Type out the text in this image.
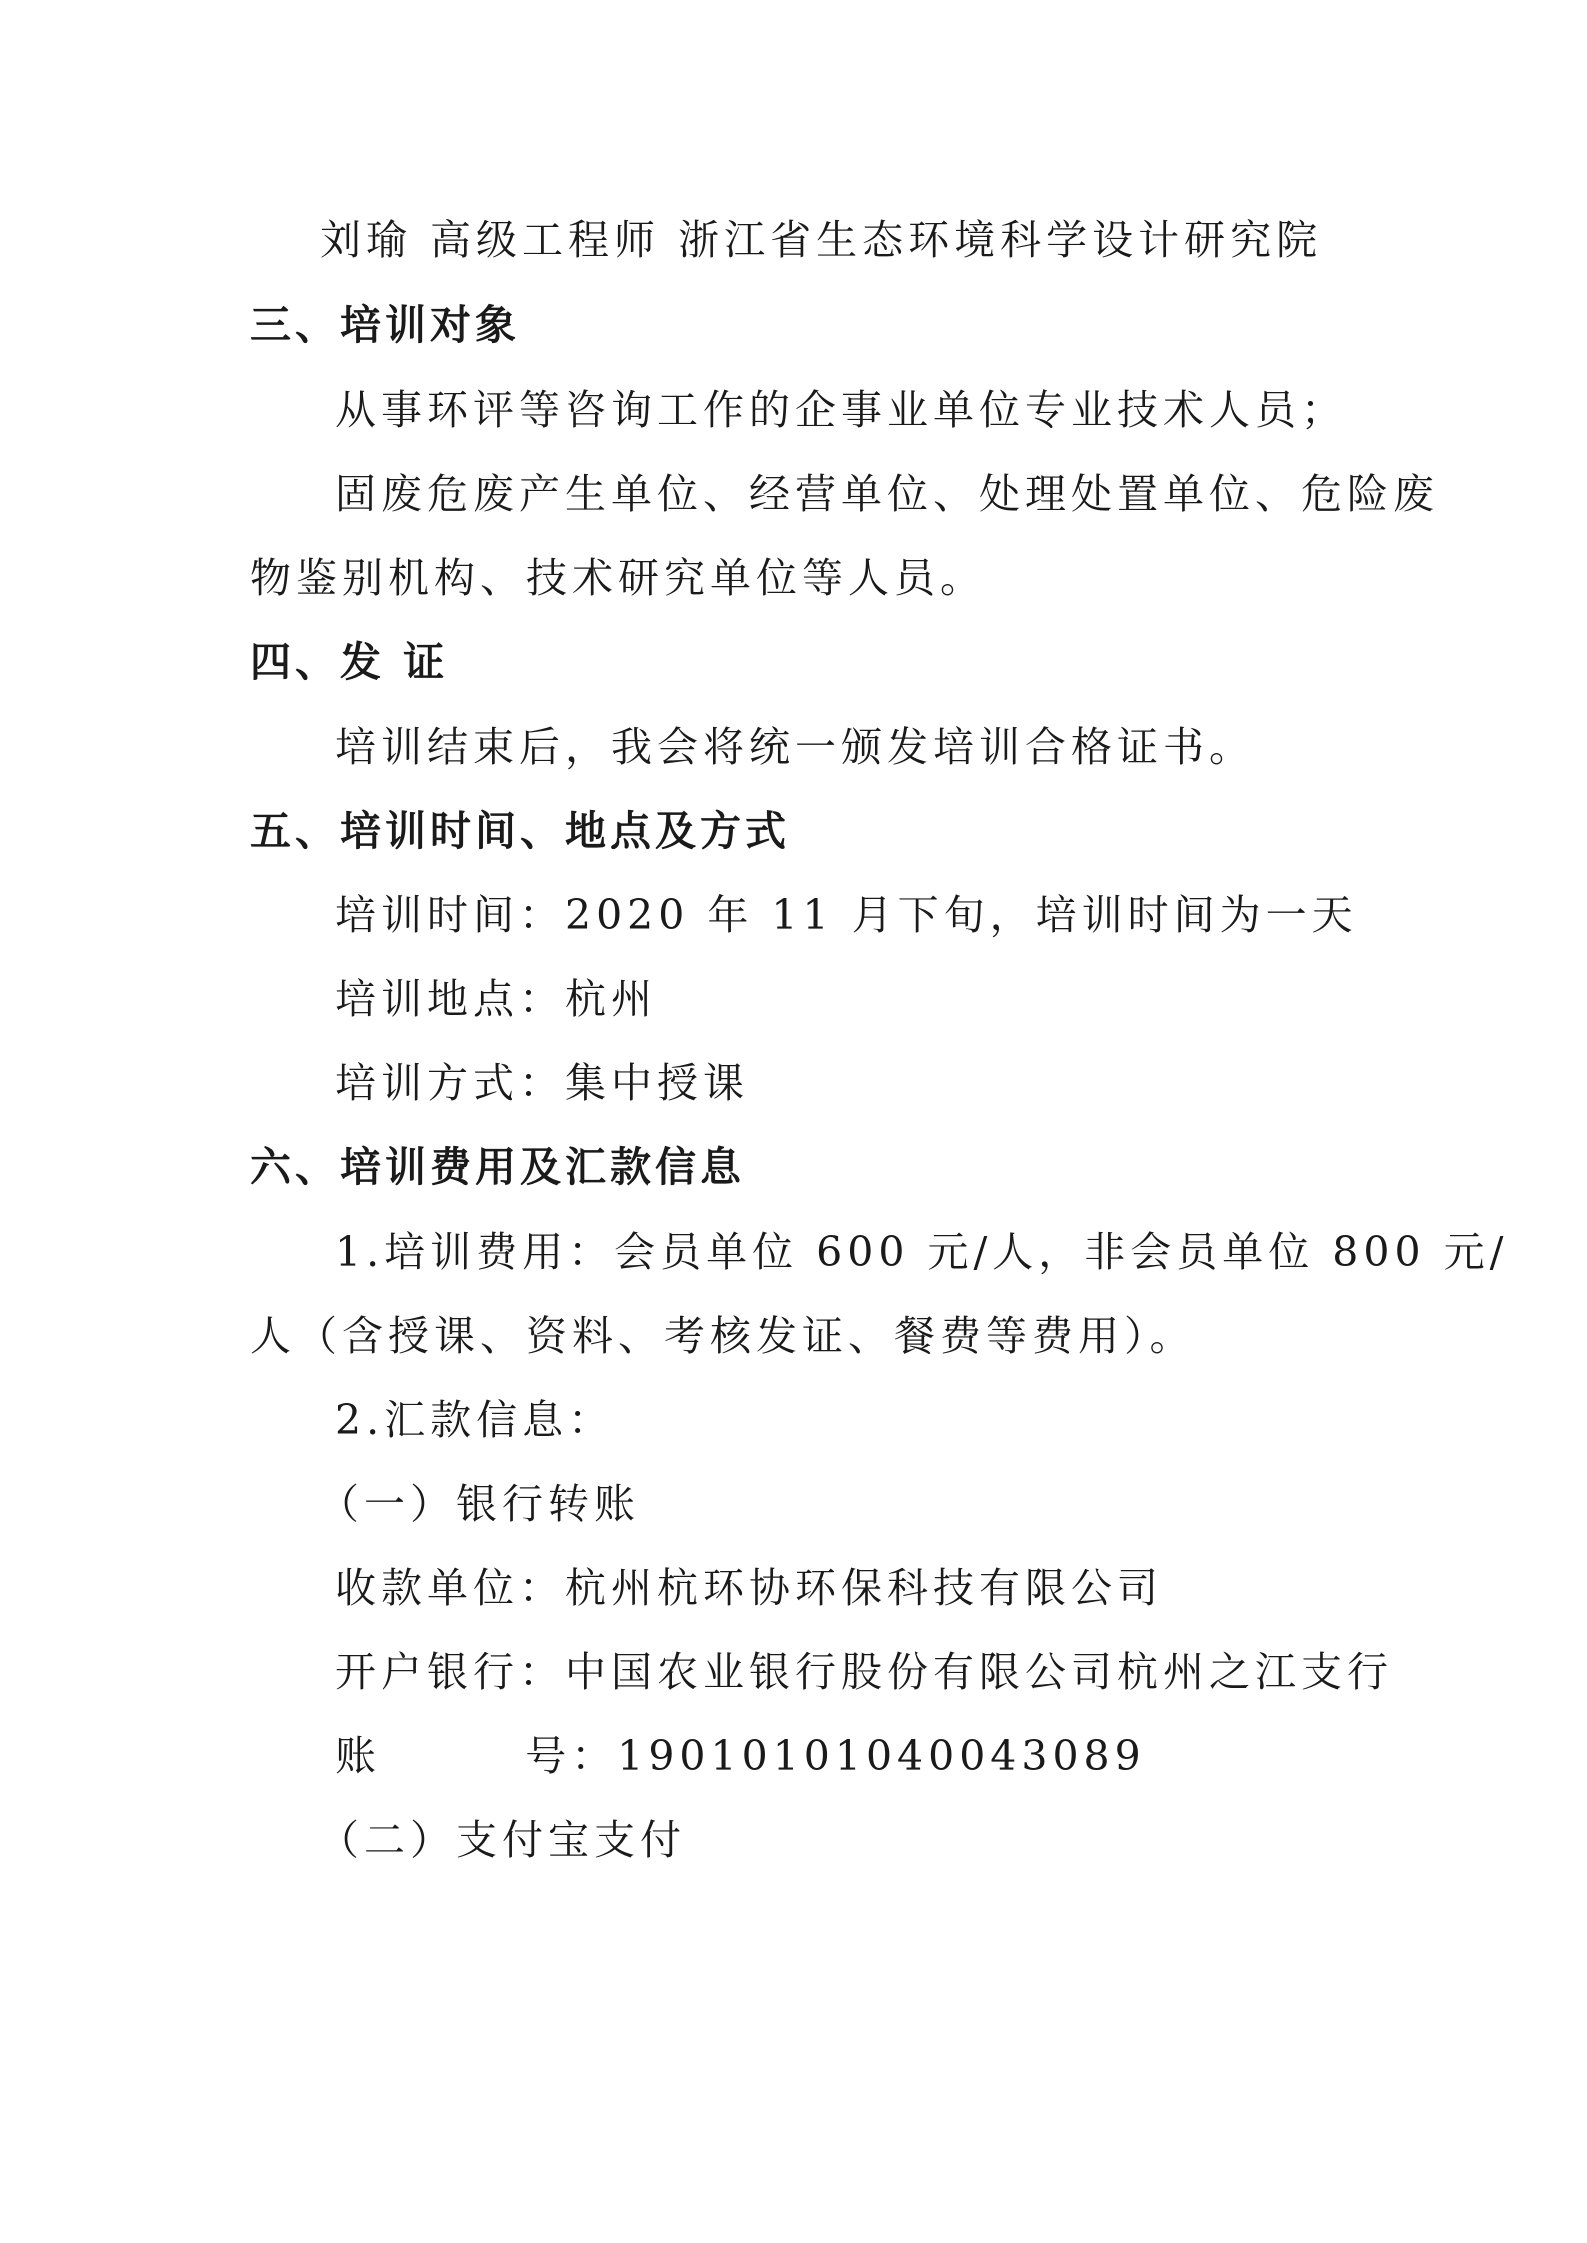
刘瑜 高级工程师 浙江省生态环境科学设计研究院
三、培训对象
从事环评等咨询工作的企事业单位专业技术人员；
固废危废产生单位、经营单位、处理处置单位、危险废
物鉴别机构、技术研究单位等人员。
四、发 证
培训结束后，我会将统一颁发培训合格证书。
五、培训时间、地点及方式
培训时间：2020 年 11 月下旬，培训时间为一天
培训地点：杭州
培训方式：集中授课
六、培训费用及汇款信息
1.培训费用：会员单位 600 元/人，非会员单位 800 元/
人（含授课、资料、考核发证、餐费等费用）。
2.汇款信息：
（一）银行转账
收款单位：杭州杭环协环保科技有限公司
开户银行：中国农业银行股份有限公司杭州之江支行
账        号：19010101040043089
（二）支付宝支付
